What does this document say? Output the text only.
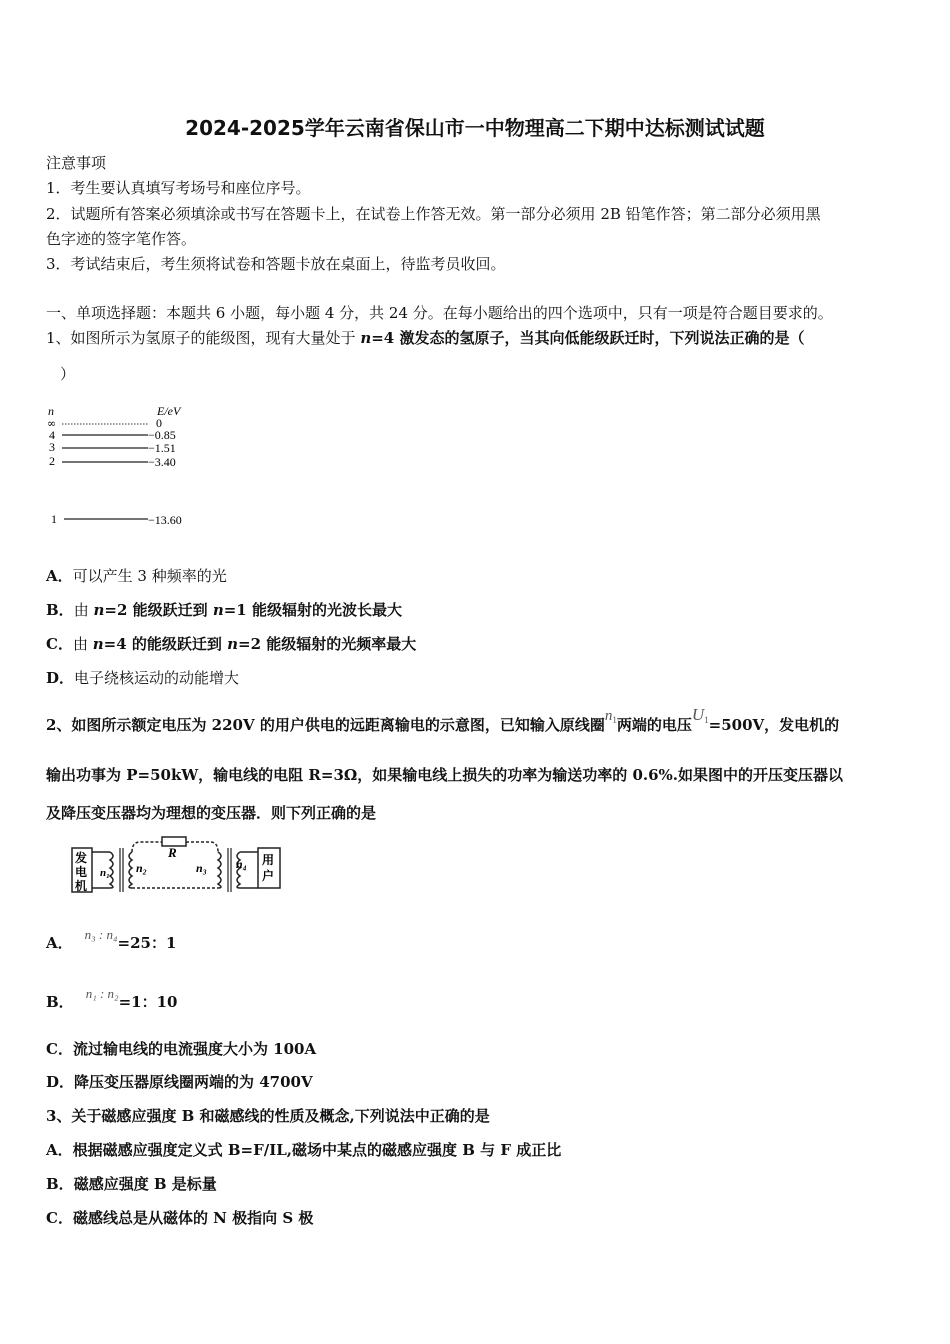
2024-2025学年云南省保山市一中物理高二下期中达标测试试题
注意事项
1．考生要认真填写考场号和座位序号。
2．试题所有答案必须填涂或书写在答题卡上，在试卷上作答无效。第一部分必须用 2B 铅笔作答；第二部分必须用黑
色字迹的签字笔作答。
3．考试结束后，考生须将试卷和答题卡放在桌面上，待监考员收回。
一、单项选择题：本题共 6 小题，每小题 4 分，共 24 分。在每小题给出的四个选项中，只有一项是符合题目要求的。
1、如图所示为氢原子的能级图，现有大量处于 n=4 激发态的氢原子，当其向低能级跃迁时，下列说法正确的是（
）
n	E/eV
∞	0
4	−0.85
3	−1.51
2	−3.40
1	−13.60
A．可以产生 3 种频率的光
B．由 n=2 能级跃迁到 n=1 能级辐射的光波长最大
C．由 n=4 的能级跃迁到 n=2 能级辐射的光频率最大
D．电子绕核运动的动能增大
2、如图所示额定电压为 220V 的用户供电的远距离输电的示意图，已知输入原线圈$n_1$两端的电压$U_1=500V$，发电机的
输出功事为 P=50kW，输电线的电阻 R=3Ω，如果输电线上损失的功率为输送功率的 0.6%.如果图中的开压变压器以
及降压变压器均为理想的变压器．则下列正确的是
发
电
机
n₁ n₂
R
n₃ n₄ 用
户
A． n₃ : n₄=25：1
B． n₁ : n₂=1：10
C．流过输电线的电流强度大小为 100A
D．降压变压器原线圈两端的为 4700V
3、关于磁感应强度 B 和磁感线的性质及概念,下列说法中正确的是
A．根据磁感应强度定义式 B=F/IL,磁场中某点的磁感应强度 B 与 F 成正比
B．磁感应强度 B 是标量
C．磁感线总是从磁体的 N 极指向 S 极
